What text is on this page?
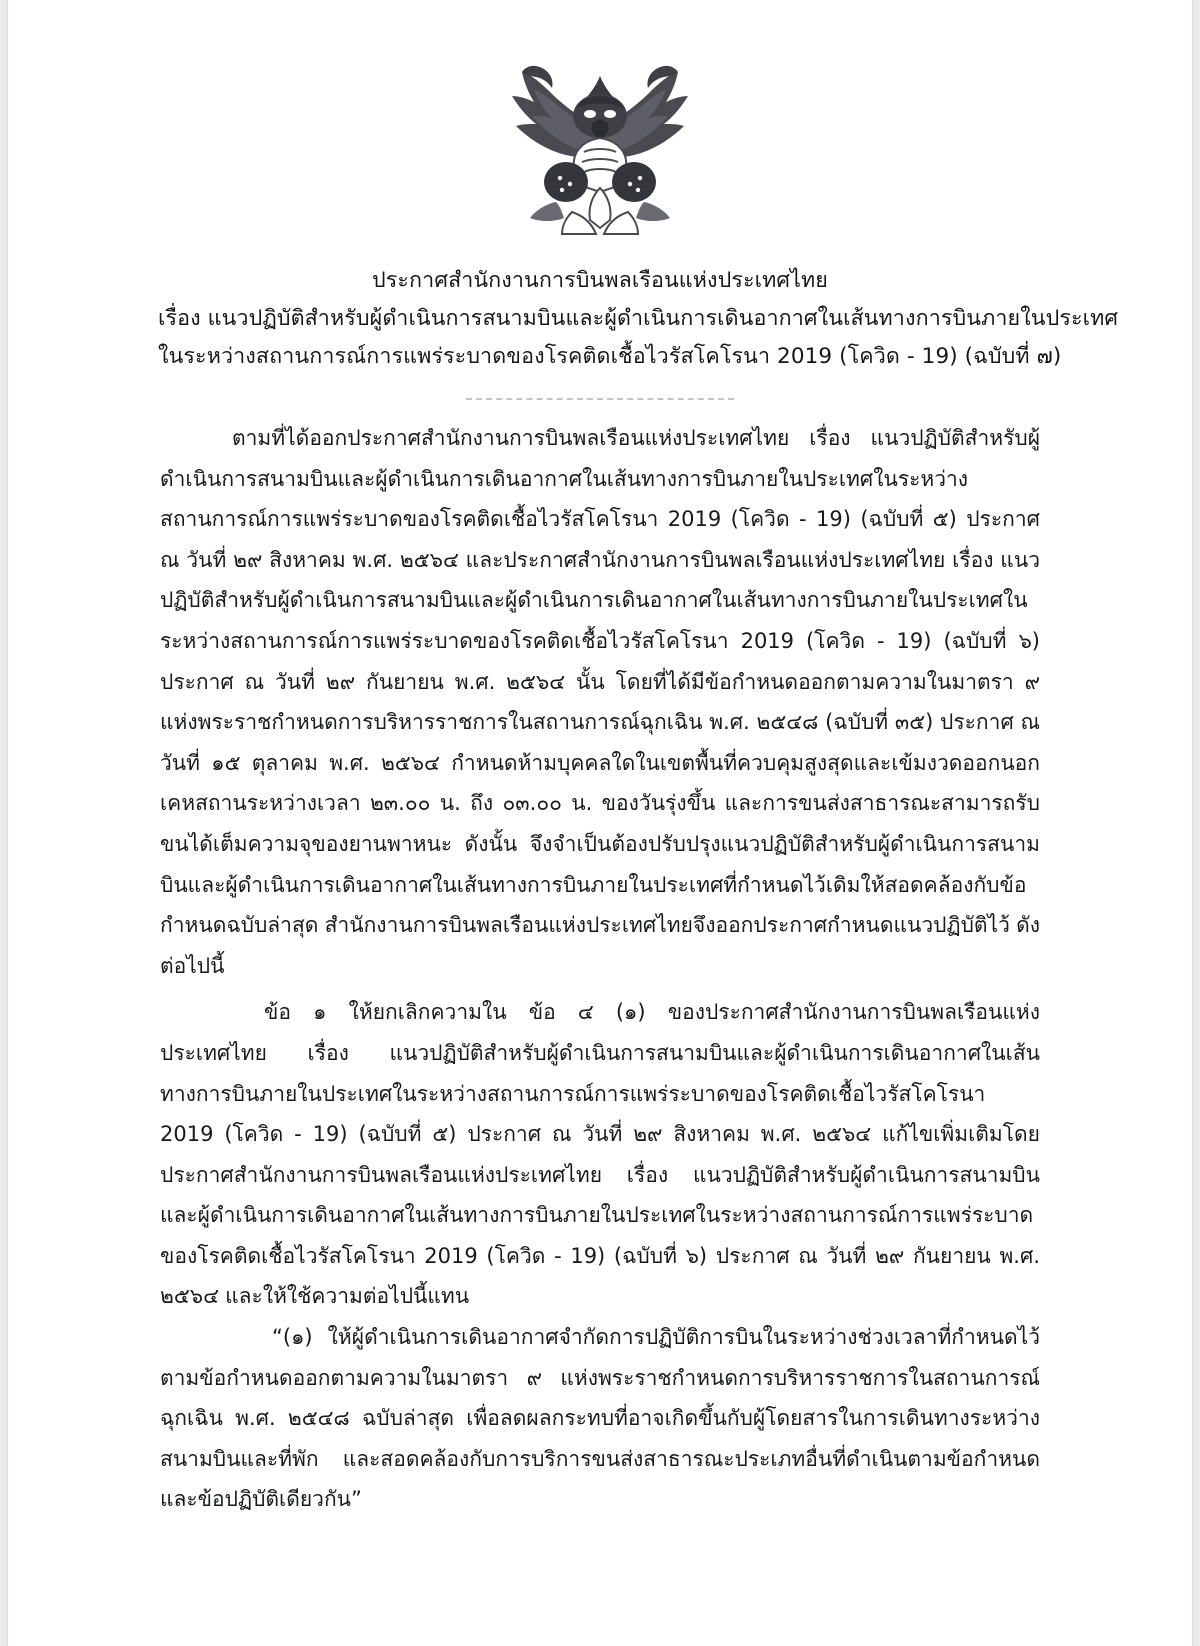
ประกาศสำนักงานการบินพลเรือนแห่งประเทศไทย
เรื่อง แนวปฏิบัติสำหรับผู้ดำเนินการสนามบินและผู้ดำเนินการเดินอากาศในเส้นทางการบินภายในประเทศ
ในระหว่างสถานการณ์การแพร่ระบาดของโรคติดเชื้อไวรัสโคโรนา 2019 (โควิด - 19) (ฉบับที่ ๗)

ตามที่ได้ออกประกาศสำนักงานการบินพลเรือนแห่งประเทศไทย เรื่อง แนวปฏิบัติสำหรับผู้ดำเนินการสนามบินและผู้ดำเนินการเดินอากาศในเส้นทางการบินภายในประเทศในระหว่างสถานการณ์การแพร่ระบาดของโรคติดเชื้อไวรัสโคโรนา 2019 (โควิด - 19) (ฉบับที่ ๕) ประกาศ ณ วันที่ ๒๙ สิงหาคม พ.ศ. ๒๕๖๔ และประกาศสำนักงานการบินพลเรือนแห่งประเทศไทย เรื่อง แนวปฏิบัติสำหรับผู้ดำเนินการสนามบินและผู้ดำเนินการเดินอากาศในเส้นทางการบินภายในประเทศในระหว่างสถานการณ์การแพร่ระบาดของโรคติดเชื้อไวรัสโคโรนา 2019 (โควิด - 19) (ฉบับที่ ๖) ประกาศ ณ วันที่ ๒๙ กันยายน พ.ศ. ๒๕๖๔ นั้น โดยที่ได้มีข้อกำหนดออกตามความในมาตรา ๙ แห่งพระราชกำหนดการบริหารราชการในสถานการณ์ฉุกเฉิน พ.ศ. ๒๕๔๘ (ฉบับที่ ๓๕) ประกาศ ณ วันที่ ๑๕ ตุลาคม พ.ศ. ๒๕๖๔ กำหนดห้ามบุคคลใดในเขตพื้นที่ควบคุมสูงสุดและเข้มงวดออกนอกเคหสถานระหว่างเวลา ๒๓.๐๐ น. ถึง ๐๓.๐๐ น. ของวันรุ่งขึ้น และการขนส่งสาธารณะสามารถรับขนได้เต็มความจุของยานพาหนะ ดังนั้น จึงจำเป็นต้องปรับปรุงแนวปฏิบัติสำหรับผู้ดำเนินการสนามบินและผู้ดำเนินการเดินอากาศในเส้นทางการบินภายในประเทศที่กำหนดไว้เดิมให้สอดคล้องกับข้อกำหนดฉบับล่าสุด สำนักงานการบินพลเรือนแห่งประเทศไทยจึงออกประกาศกำหนดแนวปฏิบัติไว้ ดังต่อไปนี้

ข้อ ๑ ให้ยกเลิกความใน ข้อ ๔ (๑) ของประกาศสำนักงานการบินพลเรือนแห่งประเทศไทย เรื่อง แนวปฏิบัติสำหรับผู้ดำเนินการสนามบินและผู้ดำเนินการเดินอากาศในเส้นทางการบินภายในประเทศในระหว่างสถานการณ์การแพร่ระบาดของโรคติดเชื้อไวรัสโคโรนา 2019 (โควิด - 19) (ฉบับที่ ๕) ประกาศ ณ วันที่ ๒๙ สิงหาคม พ.ศ. ๒๕๖๔ แก้ไขเพิ่มเติมโดยประกาศสำนักงานการบินพลเรือนแห่งประเทศไทย เรื่อง แนวปฏิบัติสำหรับผู้ดำเนินการสนามบินและผู้ดำเนินการเดินอากาศในเส้นทางการบินภายในประเทศในระหว่างสถานการณ์การแพร่ระบาดของโรคติดเชื้อไวรัสโคโรนา 2019 (โควิด - 19) (ฉบับที่ ๖) ประกาศ ณ วันที่ ๒๙ กันยายน พ.ศ. ๒๕๖๔ และให้ใช้ความต่อไปนี้แทน

“(๑) ให้ผู้ดำเนินการเดินอากาศจำกัดการปฏิบัติการบินในระหว่างช่วงเวลาที่กำหนดไว้ตามข้อกำหนดออกตามความในมาตรา ๙ แห่งพระราชกำหนดการบริหารราชการในสถานการณ์ฉุกเฉิน พ.ศ. ๒๕๔๘ ฉบับล่าสุด เพื่อลดผลกระทบที่อาจเกิดขึ้นกับผู้โดยสารในการเดินทางระหว่างสนามบินและที่พัก และสอดคล้องกับการบริการขนส่งสาธารณะประเภทอื่นที่ดำเนินตามข้อกำหนดและข้อปฏิบัติเดียวกัน”
